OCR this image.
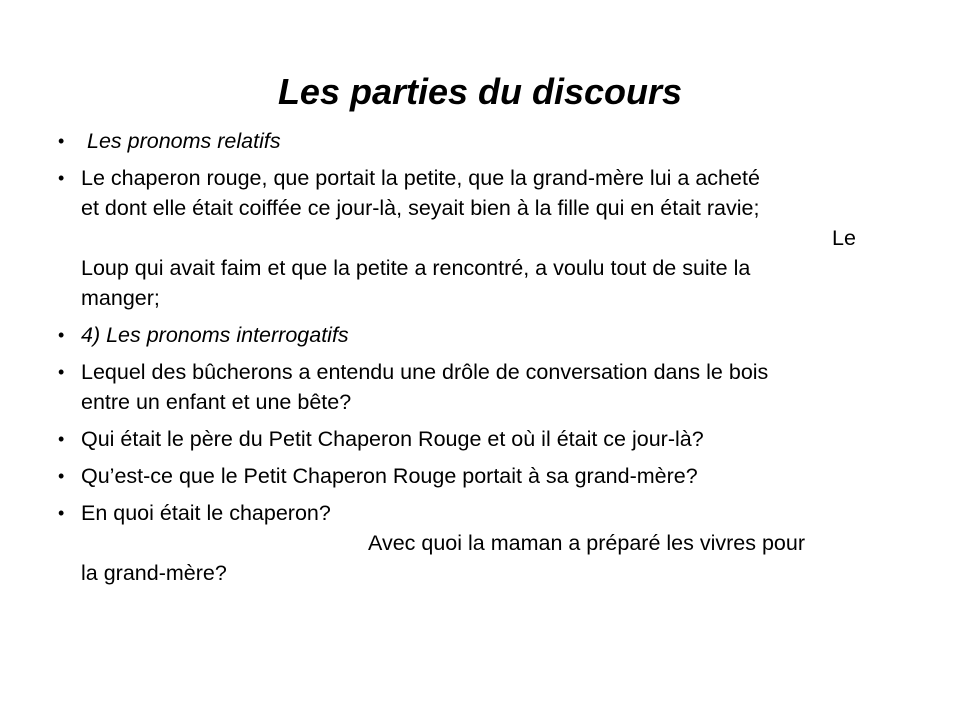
Les parties du discours
• Les pronoms relatifs
• Le chaperon rouge, que portait la petite, que la grand-mère lui a acheté
et dont elle était coiffée ce jour-là, seyait bien à la fille qui en était ravie;
Le
Loup qui avait faim et que la petite a rencontré, a voulu tout de suite la
manger;
• 4) Les pronoms interrogatifs
• Lequel des bûcherons a entendu une drôle de conversation dans le bois
entre un enfant et une bête?
• Qui était le père du Petit Chaperon Rouge et où il était ce jour-là?
• Qu’est-ce que le Petit Chaperon Rouge portait à sa grand-mère?
• En quoi était le chaperon?
Avec quoi la maman a préparé les vivres pour
la grand-mère?
